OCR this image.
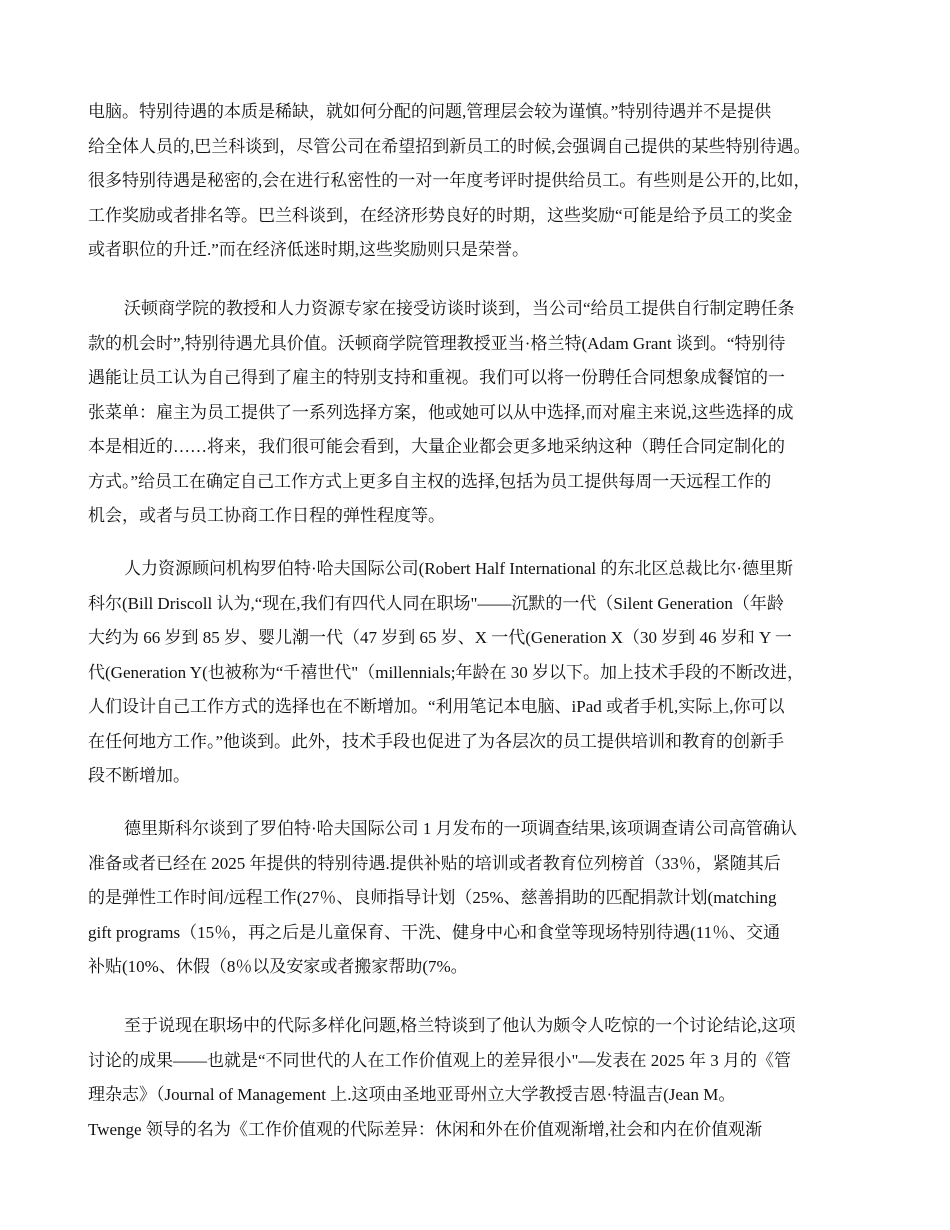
电脑。特别待遇的本质是稀缺，就如何分配的问题,管理层会较为谨慎。”特别待遇并不是提供
给全体人员的,巴兰科谈到，尽管公司在希望招到新员工的时候,会强调自己提供的某些特别待遇。
很多特别待遇是秘密的,会在进行私密性的一对一年度考评时提供给员工。有些则是公开的,比如，
工作奖励或者排名等。巴兰科谈到，在经济形势良好的时期，这些奖励“可能是给予员工的奖金
或者职位的升迁.”而在经济低迷时期,这些奖励则只是荣誉。
沃顿商学院的教授和人力资源专家在接受访谈时谈到，当公司“给员工提供自行制定聘任条
款的机会时”,特别待遇尤具价值。沃顿商学院管理教授亚当·格兰特(Adam Grant 谈到。“特别待
遇能让员工认为自己得到了雇主的特别支持和重视。我们可以将一份聘任合同想象成餐馆的一
张菜单：雇主为员工提供了一系列选择方案，他或她可以从中选择,而对雇主来说,这些选择的成
本是相近的……将来，我们很可能会看到，大量企业都会更多地采纳这种（聘任合同定制化的
方式。”给员工在确定自己工作方式上更多自主权的选择,包括为员工提供每周一天远程工作的
机会，或者与员工协商工作日程的弹性程度等。
人力资源顾问机构罗伯特·哈夫国际公司(Robert Half International 的东北区总裁比尔·德里斯
科尔(Bill Driscoll 认为,“现在,我们有四代人同在职场"——沉默的一代（Silent Generation（年龄
大约为 66 岁到 85 岁、婴儿潮一代（47 岁到 65 岁、X 一代(Generation X（30 岁到 46 岁和 Y 一
代(Generation Y(也被称为“千禧世代"（millennials;年龄在 30 岁以下。加上技术手段的不断改进，
人们设计自己工作方式的选择也在不断增加。“利用笔记本电脑、iPad 或者手机,实际上,你可以
在任何地方工作。”他谈到。此外，技术手段也促进了为各层次的员工提供培训和教育的创新手
段不断增加。
德里斯科尔谈到了罗伯特·哈夫国际公司 1 月发布的一项调查结果,该项调查请公司高管确认
准备或者已经在 2025 年提供的特别待遇.提供补贴的培训或者教育位列榜首（33％，紧随其后
的是弹性工作时间/远程工作(27％、良师指导计划（25%、慈善捐助的匹配捐款计划(matching
gift programs（15％，再之后是儿童保育、干洗、健身中心和食堂等现场特别待遇(11％、交通
补贴(10%、休假（8％以及安家或者搬家帮助(7%。
至于说现在职场中的代际多样化问题,格兰特谈到了他认为颇令人吃惊的一个讨论结论,这项
讨论的成果——也就是“不同世代的人在工作价值观上的差异很小"—发表在 2025 年 3 月的《管
理杂志》（Journal of Management 上.这项由圣地亚哥州立大学教授吉恩·特温吉(Jean M。
Twenge 领导的名为《工作价值观的代际差异：休闲和外在价值观渐增,社会和内在价值观渐
